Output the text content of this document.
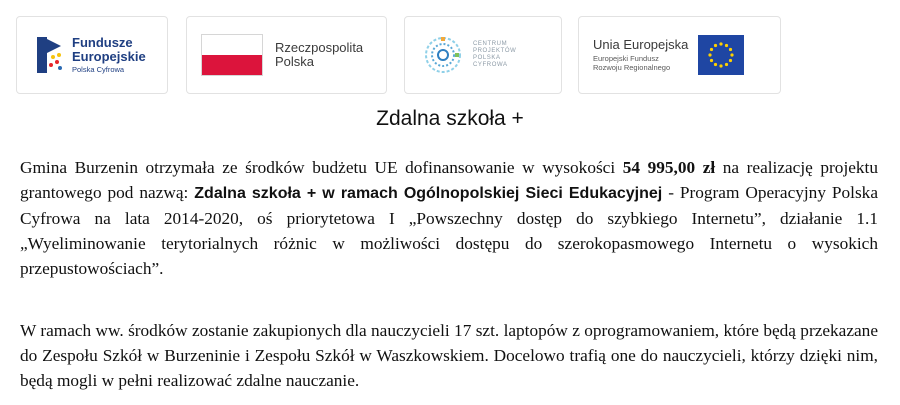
Fundusze
Europejskie
Polska Cyfrowa
Rzeczpospolita
Polska
CENTRUM
PROJEKTÓW
POLSKA
CYFROWA
Unia Europejska
Europejski Fundusz
Rozwoju Regionalnego
Zdalna szkoła +

Gmina Burzenin otrzymała ze środków budżetu UE dofinansowanie w wysokości 54 995,00 zł na realizację projektu grantowego pod nazwą: Zdalna szkoła + w ramach Ogólnopolskiej Sieci Edukacyjnej - Program Operacyjny Polska Cyfrowa na lata 2014-2020, oś priorytetowa I „Powszechny dostęp do szybkiego Internetu”, działanie 1.1 „Wyeliminowanie terytorialnych różnic w możliwości dostępu do szerokopasmowego Internetu o wysokich przepustowościach”.

W ramach ww. środków zostanie zakupionych dla nauczycieli 17 szt. laptopów z oprogramowaniem, które będą przekazane do Zespołu Szkół w Burzeninie i Zespołu Szkół w Waszkowskiem. Docelowo trafią one do nauczycieli, którzy dzięki nim, będą mogli w pełni realizować zdalne nauczanie.
